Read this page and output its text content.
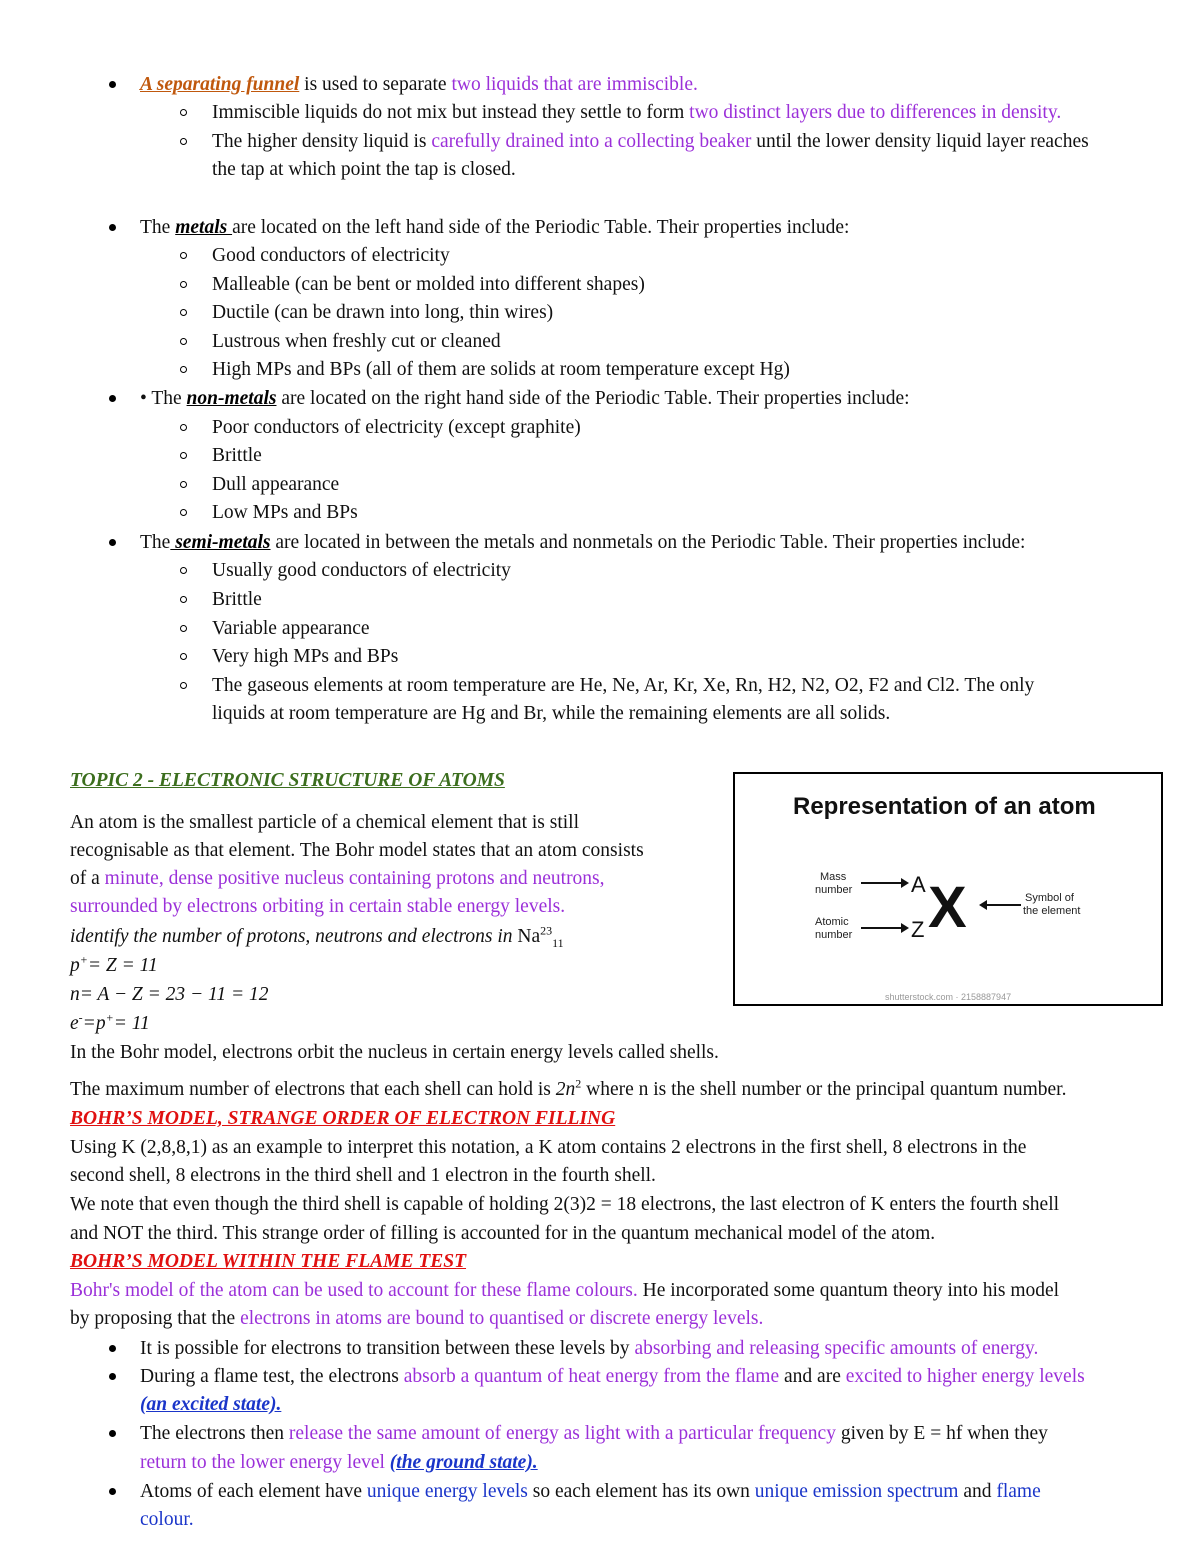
A separating funnel is used to separate two liquids that are immiscible.
Immiscible liquids do not mix but instead they settle to form two distinct layers due to differences in density.
The higher density liquid is carefully drained into a collecting beaker until the lower density liquid layer reaches
the tap at which point the tap is closed.
The metals are located on the left hand side of the Periodic Table. Their properties include:
Good conductors of electricity
Malleable (can be bent or molded into different shapes)
Ductile (can be drawn into long, thin wires)
Lustrous when freshly cut or cleaned
High MPs and BPs (all of them are solids at room temperature except Hg)
• The non-metals are located on the right hand side of the Periodic Table. Their properties include:
Poor conductors of electricity (except graphite)
Brittle
Dull appearance
Low MPs and BPs
The semi-metals are located in between the metals and nonmetals on the Periodic Table. Their properties include:
Usually good conductors of electricity
Brittle
Variable appearance
Very high MPs and BPs
The gaseous elements at room temperature are He, Ne, Ar, Kr, Xe, Rn, H2, N2, O2, F2 and Cl2. The only
liquids at room temperature are Hg and Br, while the remaining elements are all solids.
TOPIC 2 - ELECTRONIC STRUCTURE OF ATOMS
An atom is the smallest particle of a chemical element that is still
recognisable as that element. The Bohr model states that an atom consists
of a minute, dense positive nucleus containing protons and neutrons,
surrounded by electrons orbiting in certain stable energy levels.
identify the number of protons, neutrons and electrons in $Na^{23}_{11}$
p+= Z = 11
n= A − Z = 23 − 11 = 12
e-=p+= 11
In the Bohr model, electrons orbit the nucleus in certain energy levels called shells.
The maximum number of electrons that each shell can hold is $2n^2$ where n is the shell number or the principal quantum number.
Representation of an atom
Mass
number	A
Atomic
number	Z X	Symbol of
the element
shutterstock.com · 2158887947
BOHR’S MODEL, STRANGE ORDER OF ELECTRON FILLING
Using K (2,8,8,1) as an example to interpret this notation, a K atom contains 2 electrons in the first shell, 8 electrons in the
second shell, 8 electrons in the third shell and 1 electron in the fourth shell.
We note that even though the third shell is capable of holding 2(3)2 = 18 electrons, the last electron of K enters the fourth shell
and NOT the third. This strange order of filling is accounted for in the quantum mechanical model of the atom.
BOHR’S MODEL WITHIN THE FLAME TEST
Bohr's model of the atom can be used to account for these flame colours. He incorporated some quantum theory into his model
by proposing that the electrons in atoms are bound to quantised or discrete energy levels.
It is possible for electrons to transition between these levels by absorbing and releasing specific amounts of energy.
During a flame test, the electrons absorb a quantum of heat energy from the flame and are excited to higher energy levels
(an excited state).
The electrons then release the same amount of energy as light with a particular frequency given by E = hf when they
return to the lower energy level (the ground state).
Atoms of each element have unique energy levels so each element has its own unique emission spectrum and flame
colour.
